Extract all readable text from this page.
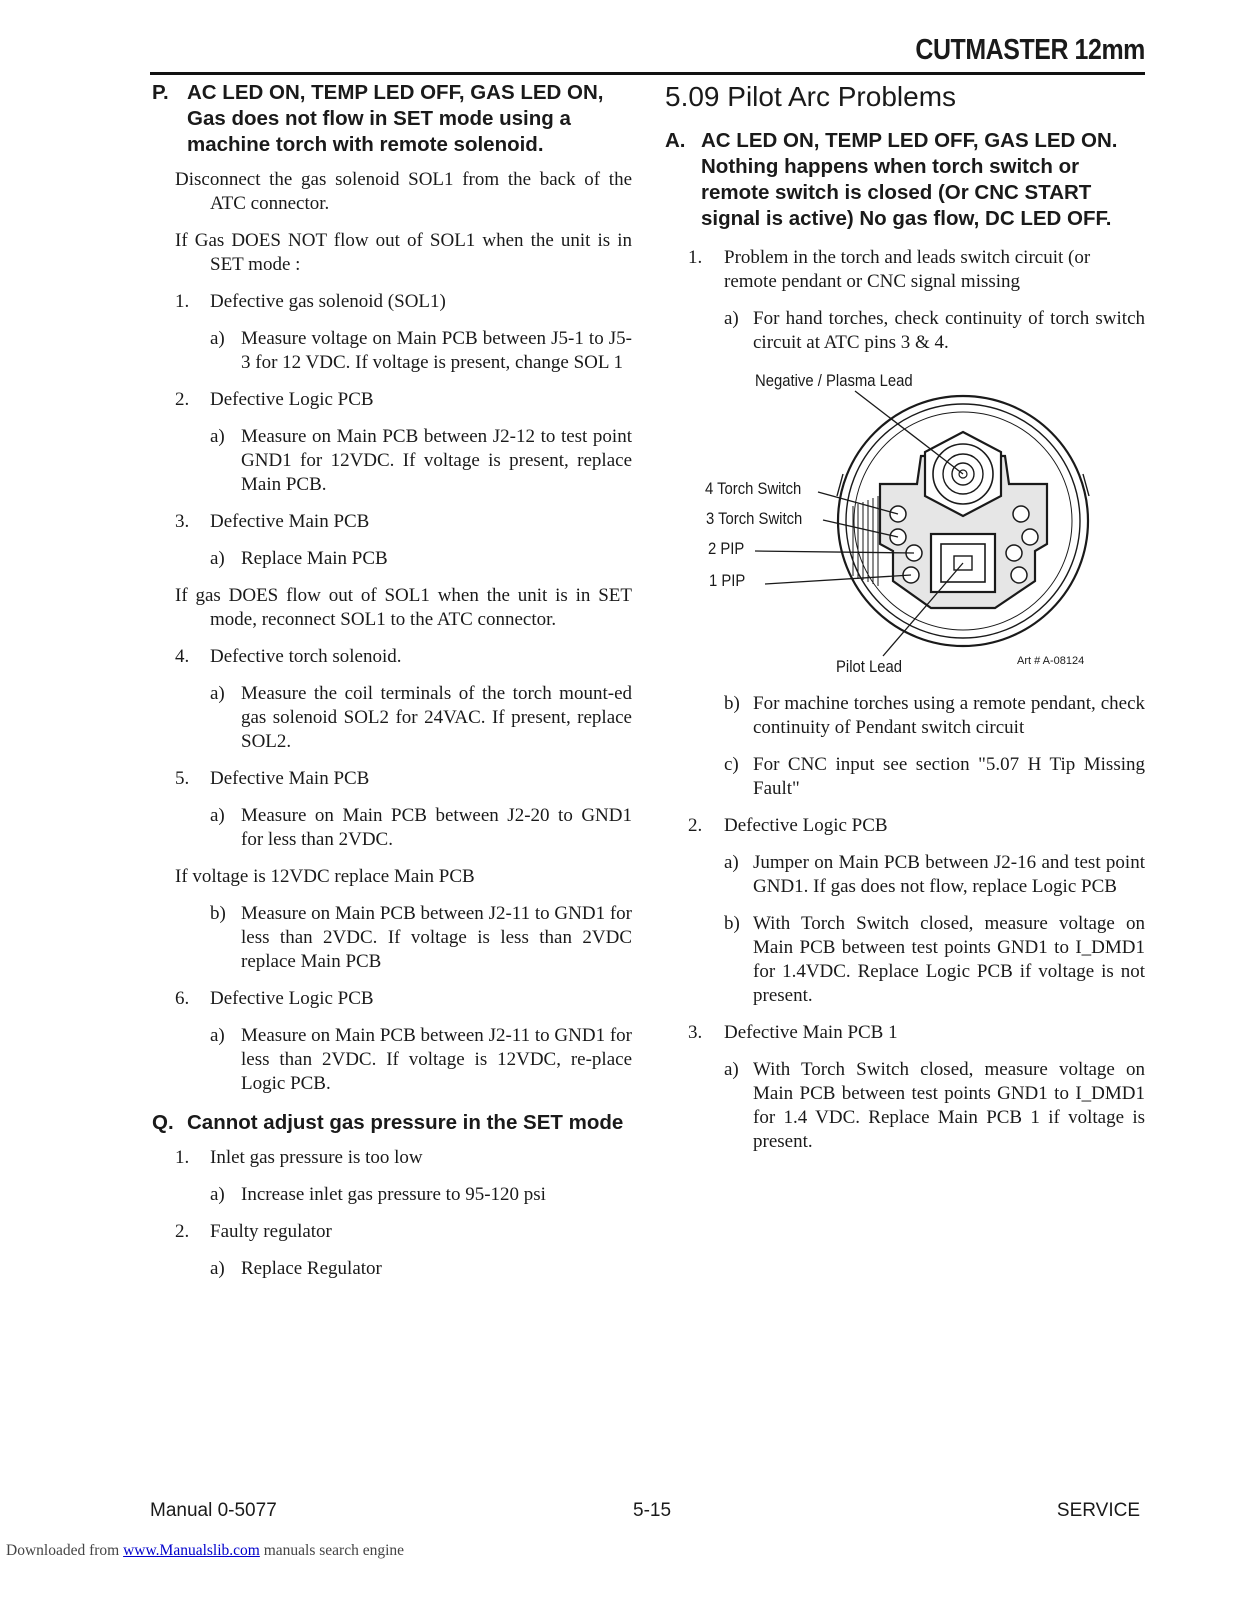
CUTMASTER 12mm
P. AC LED ON, TEMP LED OFF, GAS LED ON, Gas does not flow in SET mode using a machine torch with remote solenoid.

Disconnect the gas solenoid SOL1 from the back of the ATC connector.

If Gas DOES NOT flow out of SOL1 when the unit is in SET mode :

1. Defective gas solenoid (SOL1)
a) Measure voltage on Main PCB between J5-1 to J5-3 for 12 VDC. If voltage is present, change SOL 1
2. Defective Logic PCB
a) Measure on Main PCB between J2-12 to test point GND1 for 12VDC. If voltage is present, replace Main PCB.
3. Defective Main PCB
a) Replace Main PCB

If gas DOES flow out of SOL1 when the unit is in SET mode, reconnect SOL1 to the ATC connector.

4. Defective torch solenoid.
a) Measure the coil terminals of the torch mount-ed gas solenoid SOL2 for 24VAC. If present, replace SOL2.
5. Defective Main PCB
a) Measure on Main PCB between J2-20 to GND1 for less than 2VDC.

If voltage is 12VDC replace Main PCB

b) Measure on Main PCB between J2-11 to GND1 for less than 2VDC. If voltage is less than 2VDC replace Main PCB
6. Defective Logic PCB
a) Measure on Main PCB between J2-11 to GND1 for less than 2VDC. If voltage is 12VDC, re-place Logic PCB.
Q. Cannot adjust gas pressure in the SET mode
1. Inlet gas pressure is too low
a) Increase inlet gas pressure to 95-120 psi
2. Faulty regulator
a) Replace Regulator
5.09 Pilot Arc Problems
A. AC LED ON, TEMP LED OFF, GAS LED ON. Nothing happens when torch switch or remote switch is closed (Or CNC START signal is active) No gas flow, DC LED OFF.
1. Problem in the torch and leads switch circuit (or remote pendant or CNC signal missing
a) For hand torches, check continuity of torch switch circuit at ATC pins 3 & 4.
Negative / Plasma Lead
4 Torch Switch
3 Torch Switch
2 PIP
1 PIP
Pilot Lead	Art # A-08124
b) For machine torches using a remote pendant, check continuity of Pendant switch circuit
c) For CNC input see section "5.07 H Tip Missing Fault"
2. Defective Logic PCB
a) Jumper on Main PCB between J2-16 and test point GND1. If gas does not flow, replace Logic PCB
b) With Torch Switch closed, measure voltage on Main PCB between test points GND1 to I_DMD1 for 1.4VDC. Replace Logic PCB if voltage is not present.
3. Defective Main PCB 1
a) With Torch Switch closed, measure voltage on Main PCB between test points GND1 to I_DMD1 for 1.4 VDC. Replace Main PCB 1 if voltage is present.
Manual 0-5077	5-15	SERVICE
Downloaded from www.Manualslib.com manuals search engine
